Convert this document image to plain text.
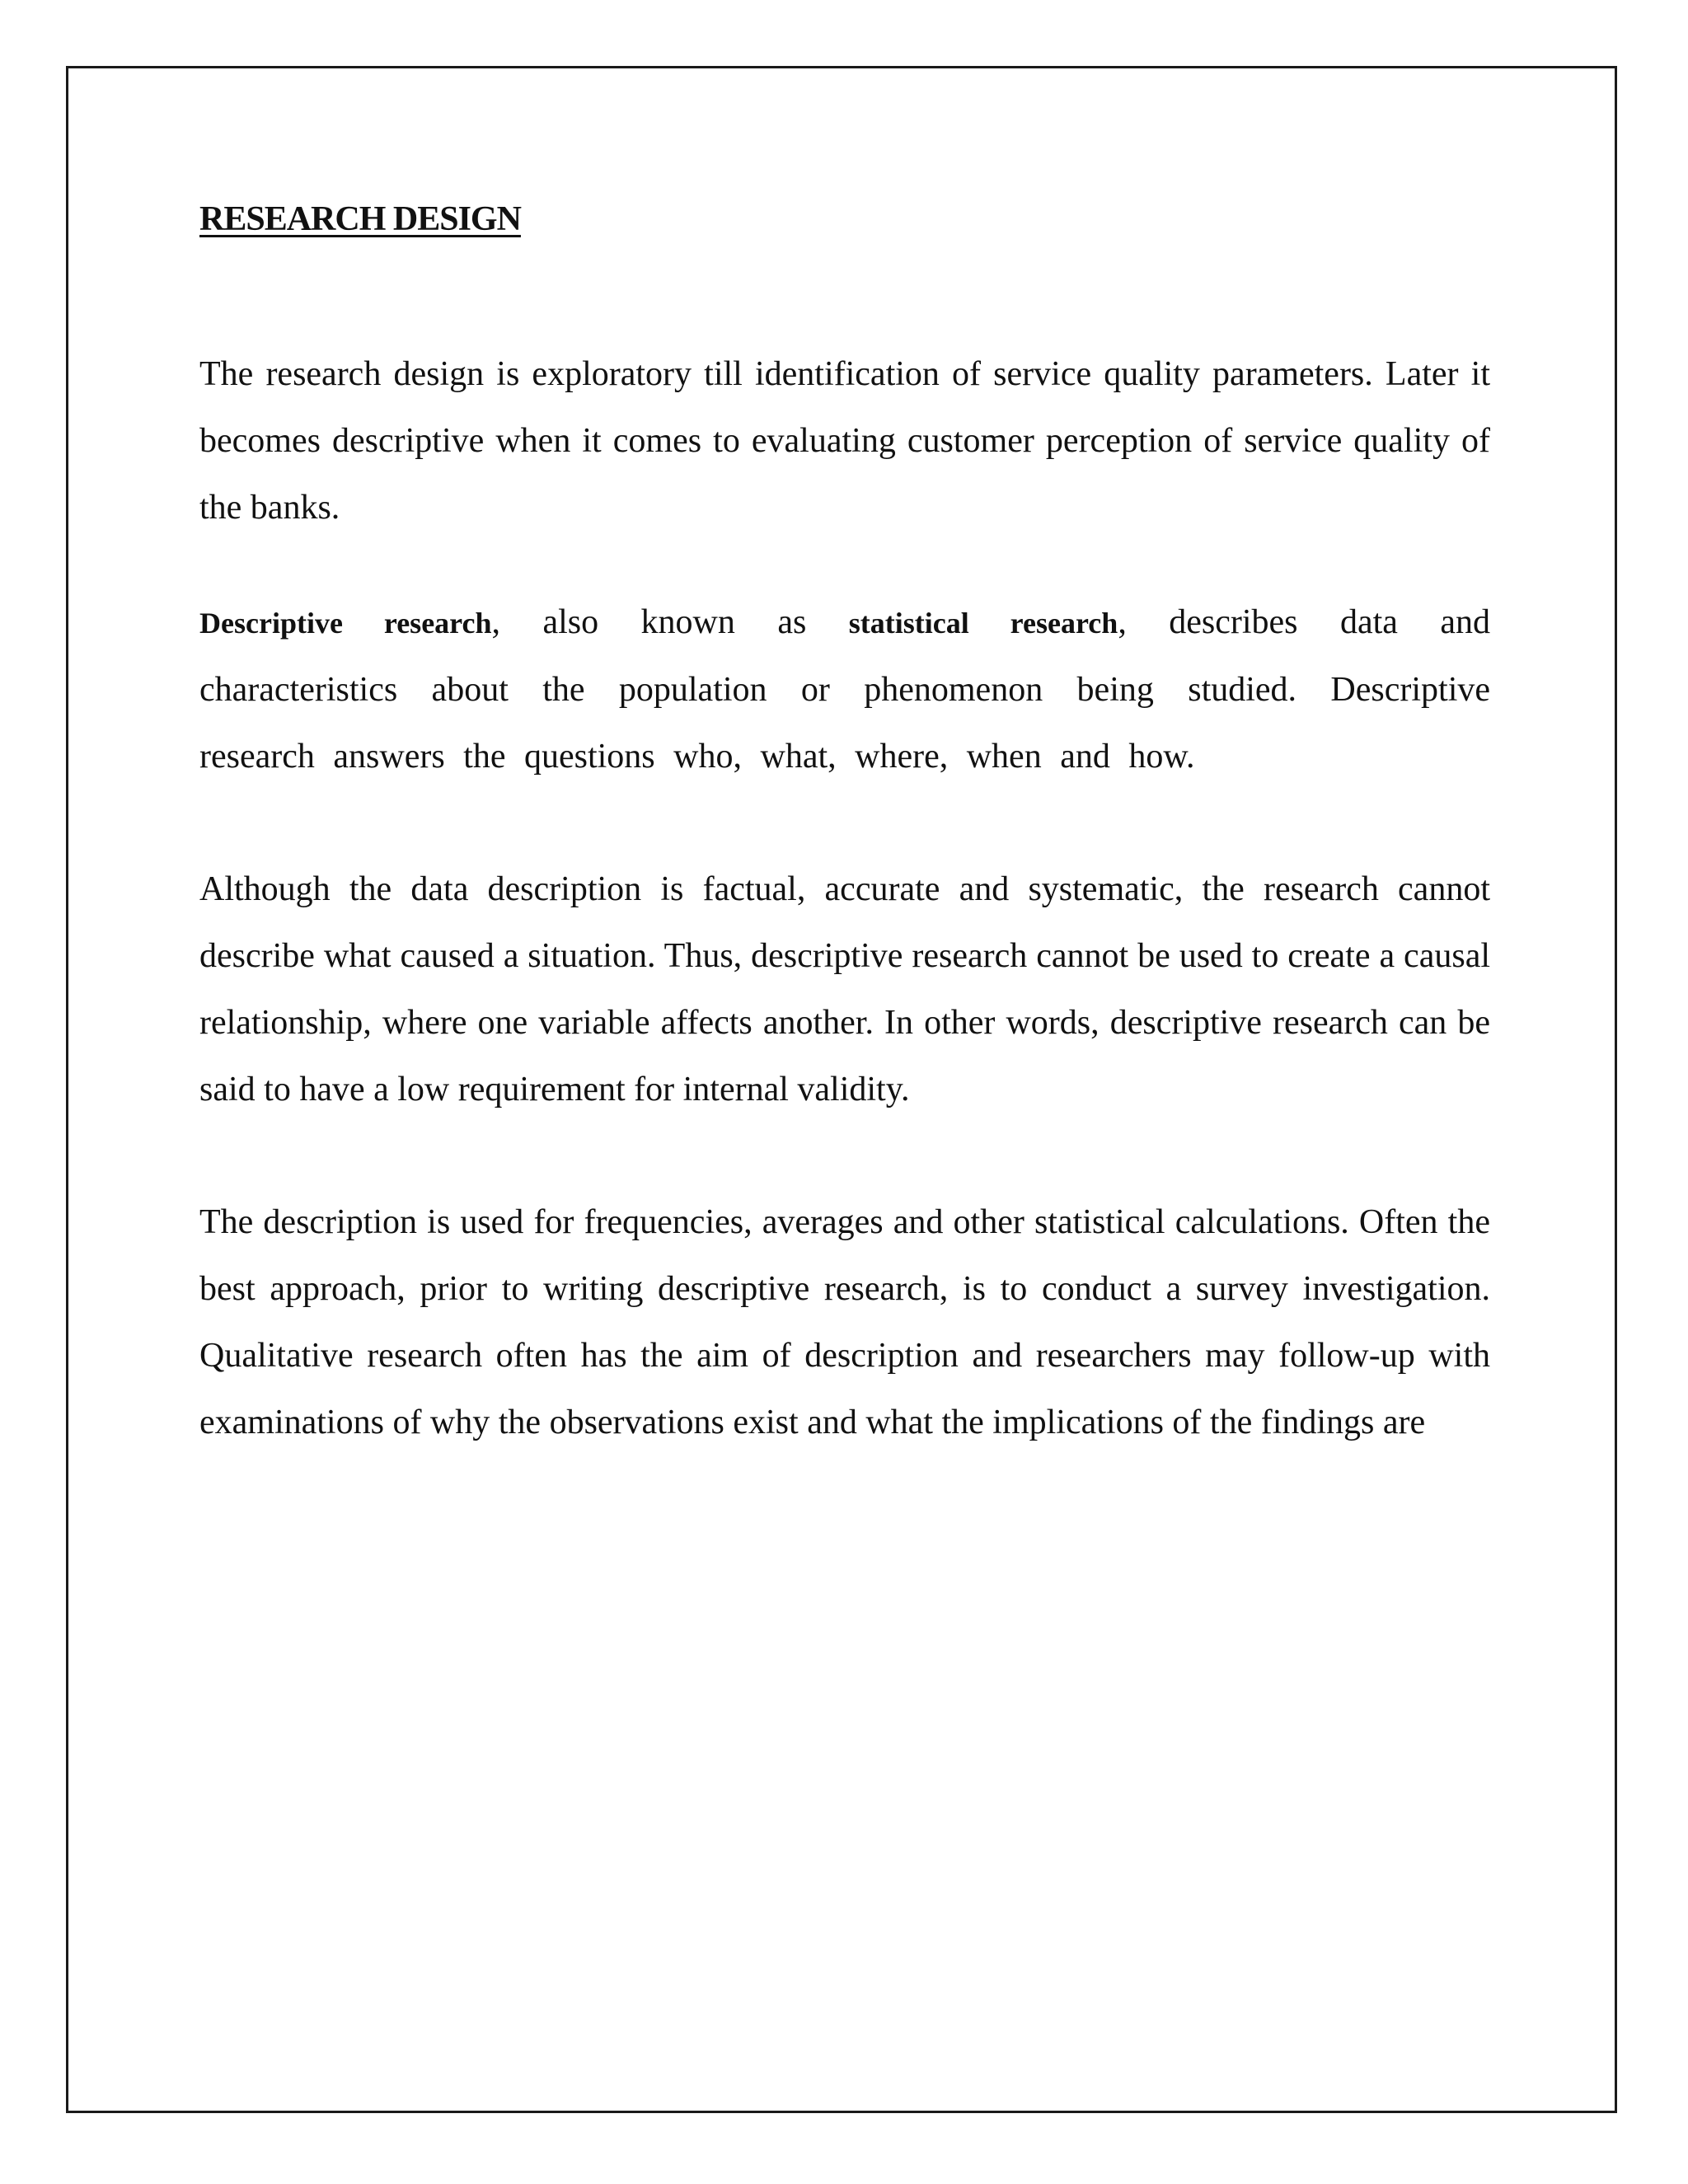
RESEARCH DESIGN

The research design is exploratory till identification of service quality parameters. Later it becomes descriptive when it comes to evaluating customer perception of service quality of the banks.

Descriptive research, also known as statistical research, describes data and characteristics about the population or phenomenon being studied. Descriptive research answers the questions who, what, where, when and how.

Although the data description is factual, accurate and systematic, the research cannot describe what caused a situation. Thus, descriptive research cannot be used to create a causal relationship, where one variable affects another. In other words, descriptive research can be said to have a low requirement for internal validity.

The description is used for frequencies, averages and other statistical calculations. Often the best approach, prior to writing descriptive research, is to conduct a survey investigation. Qualitative research often has the aim of description and researchers may follow-up with examinations of why the observations exist and what the implications of the findings are
